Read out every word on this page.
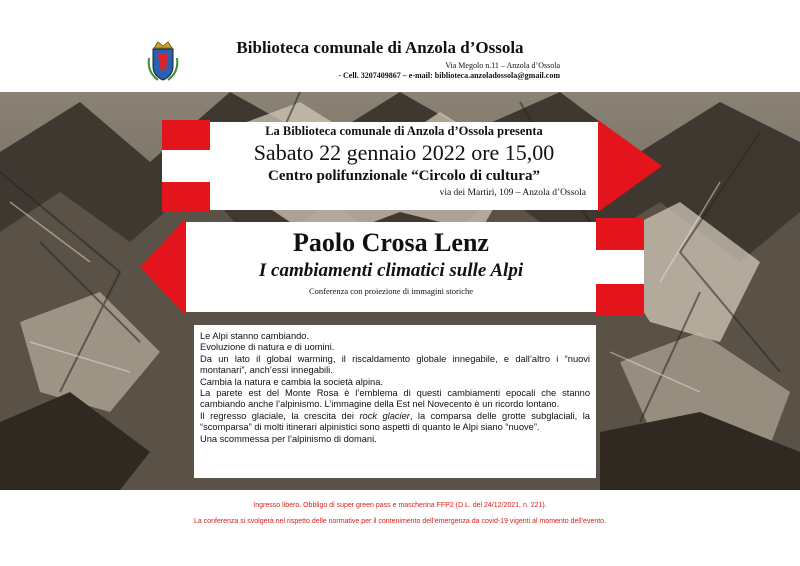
Biblioteca comunale di Anzola d’Ossola
Via Megolo n.11 – Anzola d’Ossola
- Cell. 3207409867 – e-mail: biblioteca.anzoladossola@gmail.com
La Biblioteca comunale di Anzola d’Ossola presenta
Sabato 22 gennaio 2022 ore 15,00
Centro polifunzionale “Circolo di cultura”
via dei Martiri, 109 – Anzola d’Ossola
Paolo Crosa Lenz
I cambiamenti climatici sulle Alpi
Conferenza con proiezione di immagini storiche

Le Alpi stanno cambiando.

Evoluzione di natura e di uomini.

Da un lato il global warming, il riscaldamento globale innegabile, e dall’altro i “nuovi montanari”, anch’essi innegabili.

Cambia la natura e cambia la società alpina.

La parete est del Monte Rosa è l’emblema di questi cambiamenti epocali che stanno cambiando anche l’alpinismo. L’immagine della Est nel Novecento è un ricordo lontano.

Il regresso glaciale, la crescita dei rock glacier, la comparsa delle grotte subglaciali, la “scomparsa” di molti itinerari alpinistici sono aspetti di quanto le Alpi siano “nuove”.

Una scommessa per l’alpinismo di domani.

Ingresso libero. Obbligo di super green pass e mascherina FFP2 (D.L. del 24/12/2021, n. 221).
La conferenza si svolgerà nel rispetto delle normative per il contenimento dell’emergenza da covid-19 vigenti al momento dell’evento.
